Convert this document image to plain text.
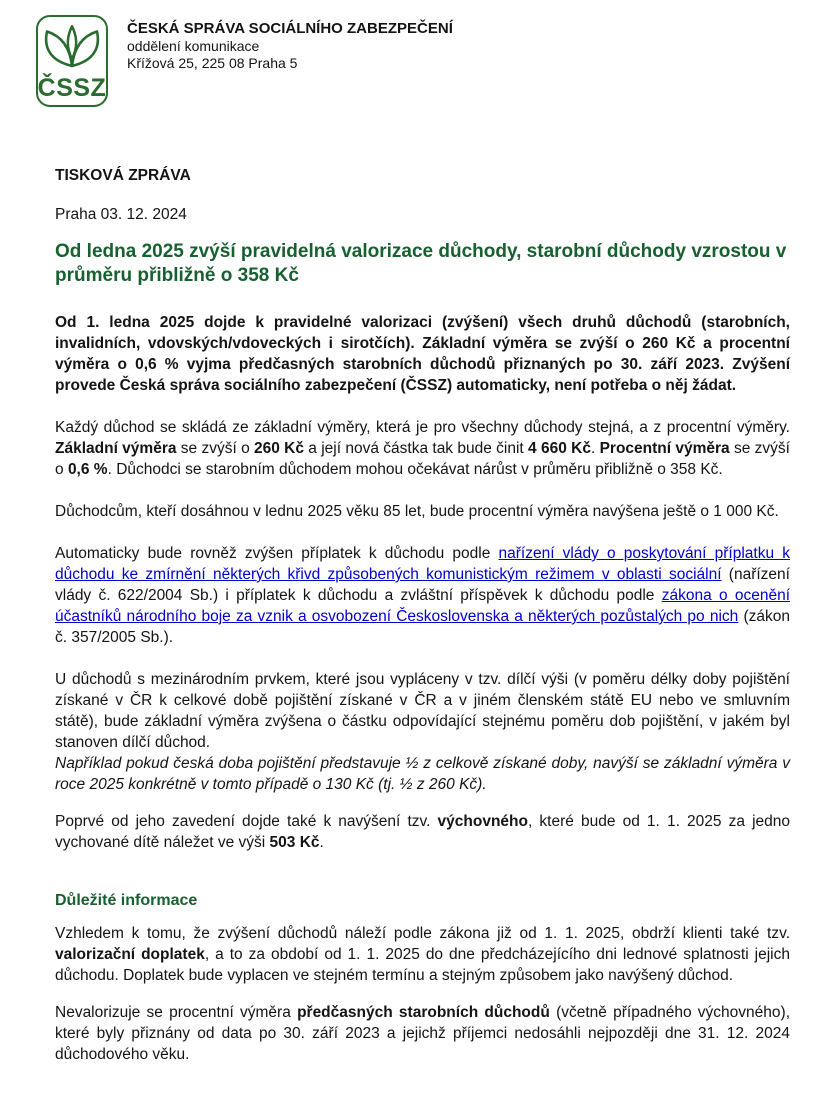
ČSSZ
ČESKÁ SPRÁVA SOCIÁLNÍHO ZABEZPEČENÍ
oddělení komunikace
Křížová 25, 225 08 Praha 5
TISKOVÁ ZPRÁVA
Praha 03. 12. 2024
Od ledna 2025 zvýší pravidelná valorizace důchody, starobní důchody vzrostou v průměru přibližně o 358 Kč

Od 1. ledna 2025 dojde k pravidelné valorizaci (zvýšení) všech druhů důchodů (starobních, invalidních, vdovských/vdoveckých i sirotčích). Základní výměra se zvýší o 260 Kč a procentní výměra o 0,6 % vyjma předčasných starobních důchodů přiznaných po 30. září 2023. Zvýšení provede Česká správa sociálního zabezpečení (ČSSZ) automaticky, není potřeba o něj žádat.

Každý důchod se skládá ze základní výměry, která je pro všechny důchody stejná, a z procentní výměry. Základní výměra se zvýší o 260 Kč a její nová částka tak bude činit 4 660 Kč. Procentní výměra se zvýší o 0,6 %. Důchodci se starobním důchodem mohou očekávat nárůst v průměru přibližně o 358 Kč.

Důchodcům, kteří dosáhnou v lednu 2025 věku 85 let, bude procentní výměra navýšena ještě o 1 000 Kč.

Automaticky bude rovněž zvýšen příplatek k důchodu podle nařízení vlády o poskytování příplatku k důchodu ke zmírnění některých křivd způsobených komunistickým režimem v oblasti sociální (nařízení vlády č. 622/2004 Sb.) i příplatek k důchodu a zvláštní příspěvek k důchodu podle zákona o ocenění účastníků národního boje za vznik a osvobození Československa a některých pozůstalých po nich (zákon č. 357/2005 Sb.).

U důchodů s mezinárodním prvkem, které jsou vypláceny v tzv. dílčí výši (v poměru délky doby pojištění získané v ČR k celkové době pojištění získané v ČR a v jiném členském státě EU nebo ve smluvním státě), bude základní výměra zvýšena o částku odpovídající stejnému poměru dob pojištění, v jakém byl stanoven dílčí důchod.
Například pokud česká doba pojištění představuje ½ z celkově získané doby, navýší se základní výměra v roce 2025 konkrétně v tomto případě o 130 Kč (tj. ½ z 260 Kč).

Poprvé od jeho zavedení dojde také k navýšení tzv. výchovného, které bude od 1. 1. 2025 za jedno vychované dítě náležet ve výši 503 Kč.

Důležité informace

Vzhledem k tomu, že zvýšení důchodů náleží podle zákona již od 1. 1. 2025, obdrží klienti také tzv. valorizační doplatek, a to za období od 1. 1. 2025 do dne předcházejícího dni lednové splatnosti jejich důchodu. Doplatek bude vyplacen ve stejném termínu a stejným způsobem jako navýšený důchod.

Nevalorizuje se procentní výměra předčasných starobních důchodů (včetně případného výchovného), které byly přiznány od data po 30. září 2023 a jejichž příjemci nedosáhli nejpozději dne 31. 12. 2024 důchodového věku.
